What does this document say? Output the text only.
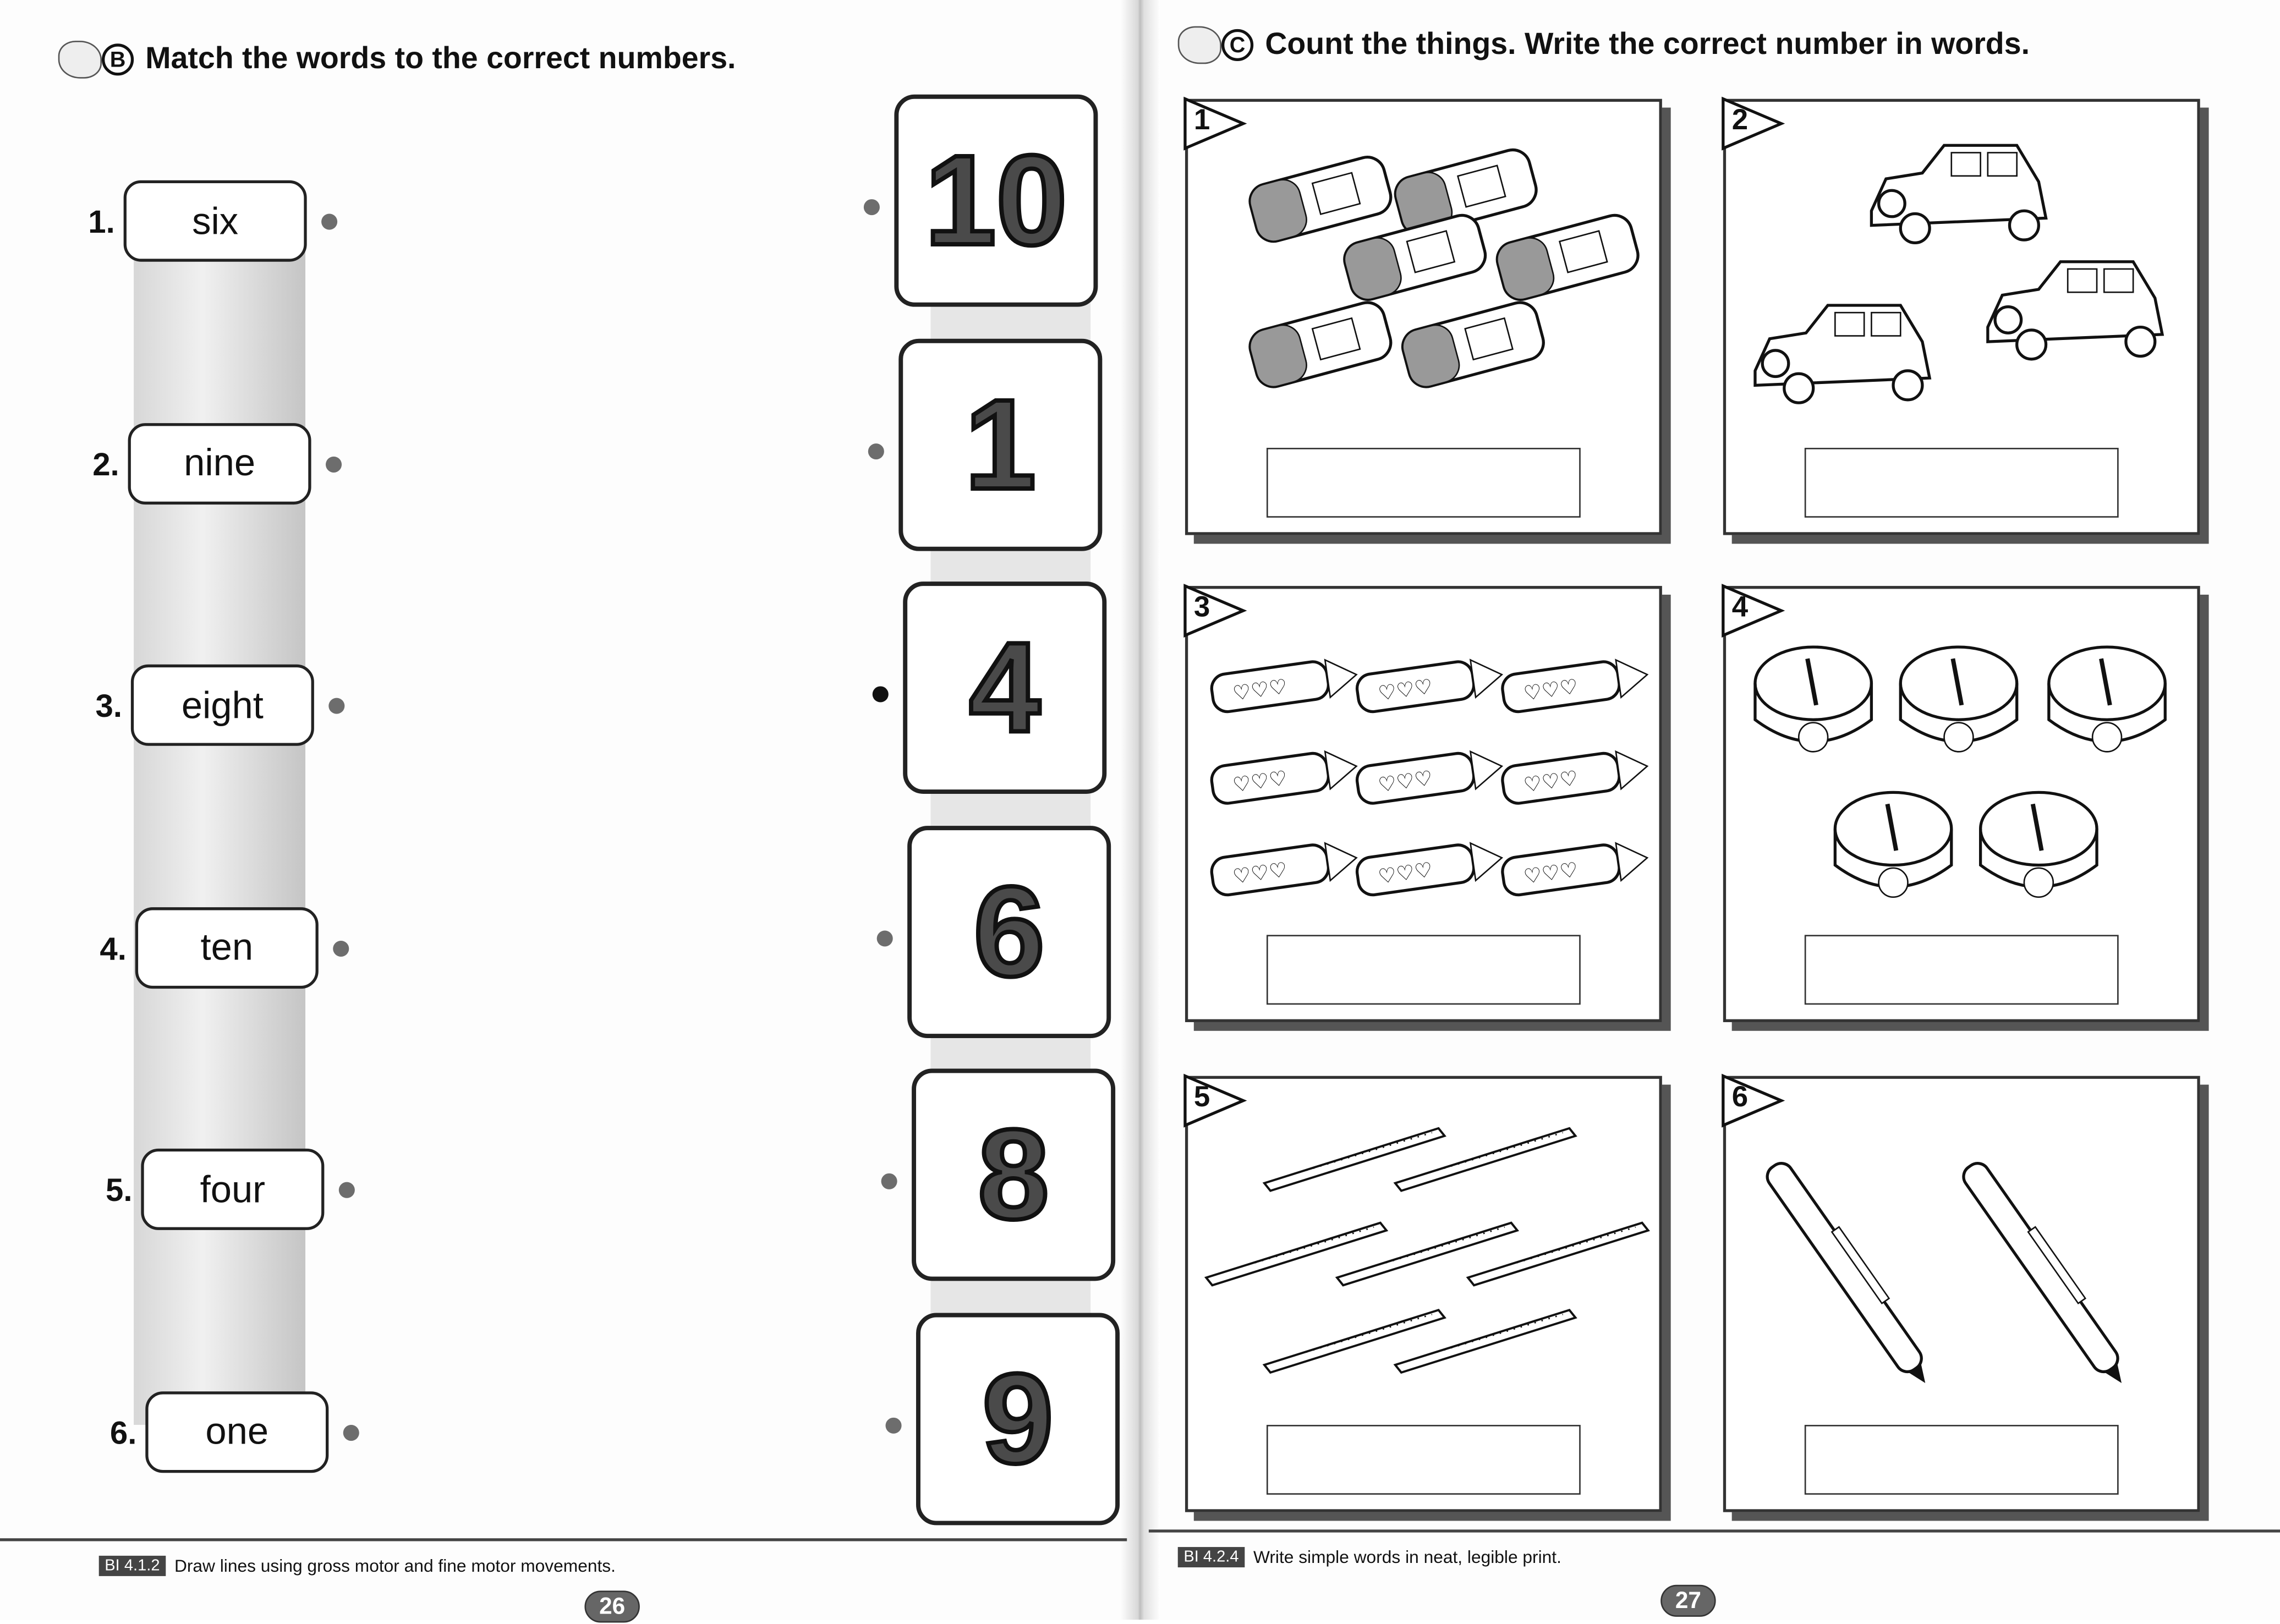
B	Match the words to the correct numbers.
1.	six
2.	nine
3.	eight
4.	ten
5.	four
6.	one
10
1
4
6
8
9
BI 4.1.2	Draw lines using gross motor and fine motor movements.
26
C	Count the things. Write the correct number in words.
1	2
3
♡♡♡	♡♡♡	♡♡♡
♡♡♡	♡♡♡	♡♡♡
♡♡♡	♡♡♡	♡♡♡
4
5	6
BI 4.2.4	Write simple words in neat, legible print.
27
